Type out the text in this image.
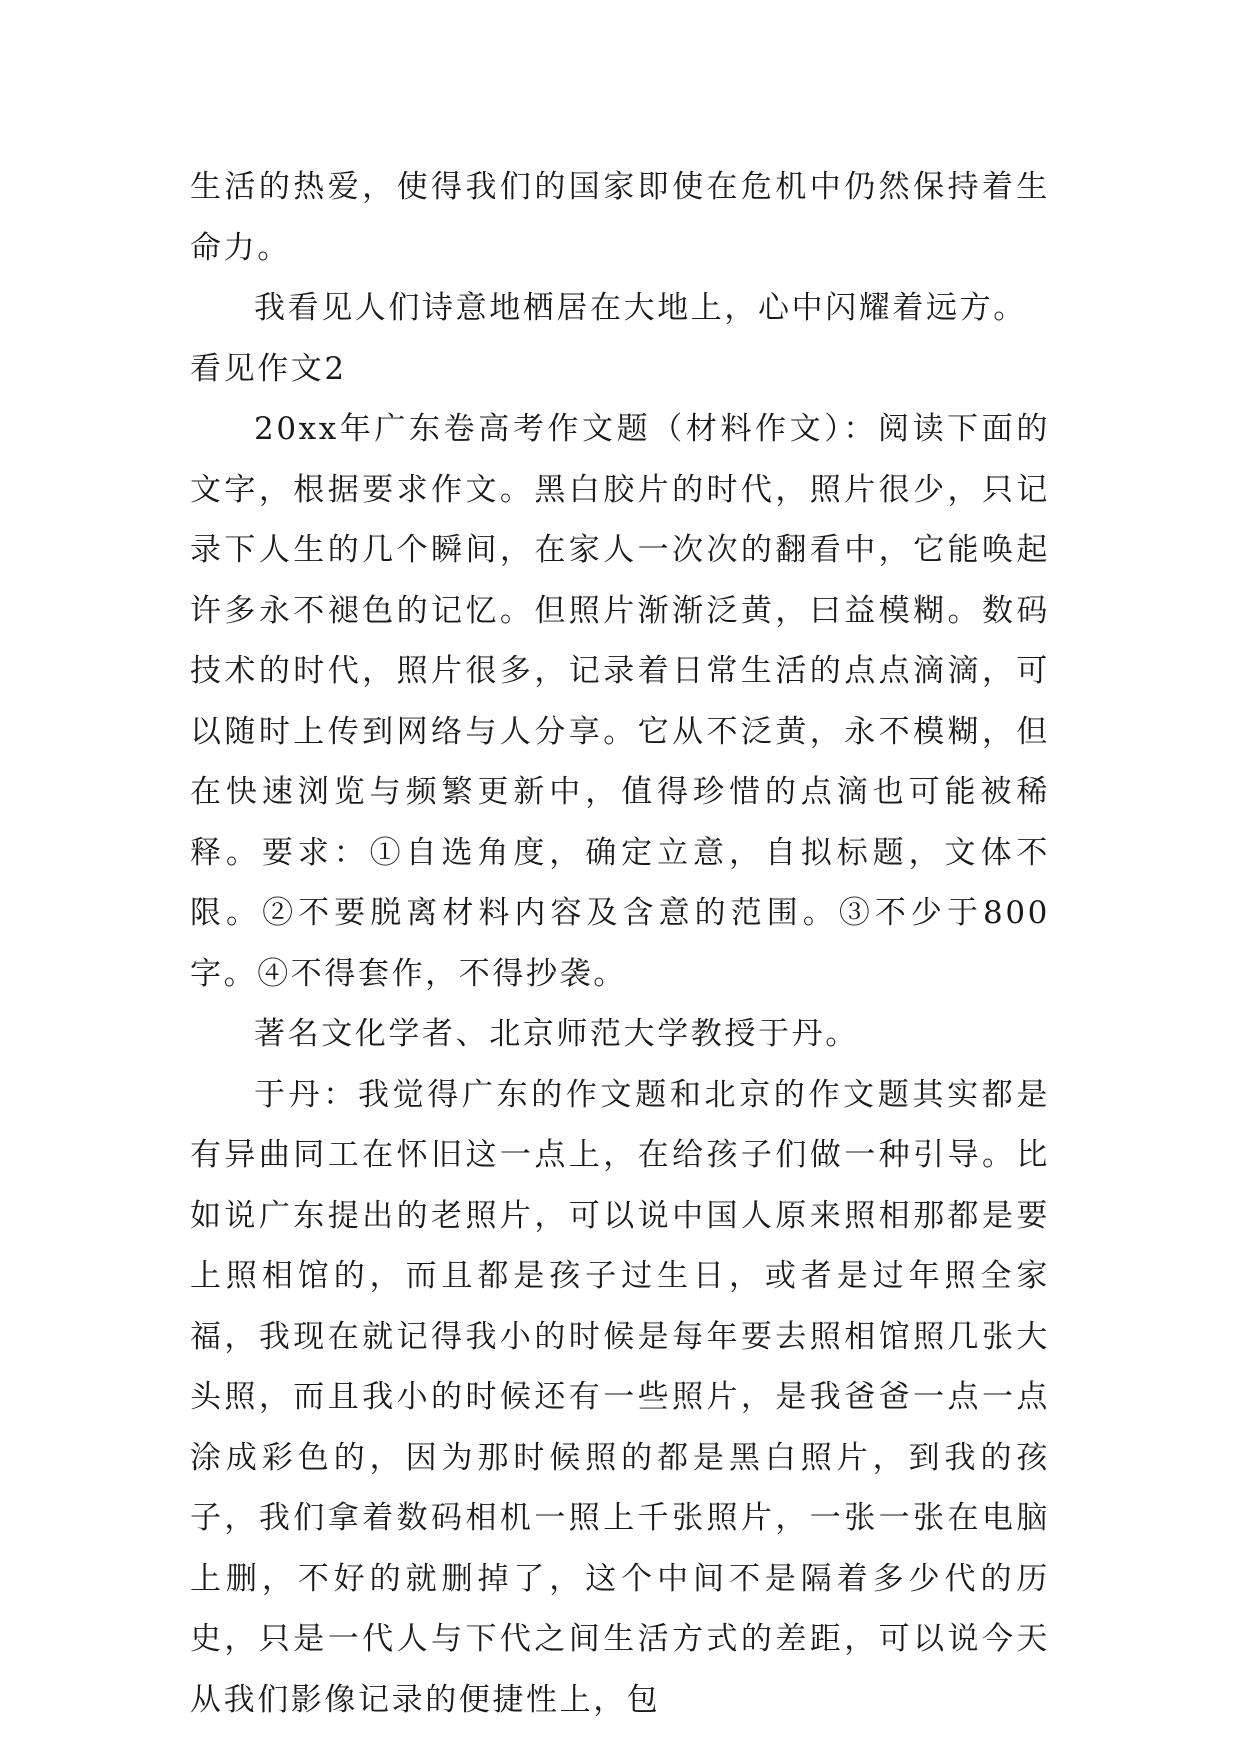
生活的热爱，使得我们的国家即使在危机中仍然保持着生命力。

我看见人们诗意地栖居在大地上，心中闪耀着远方。

看见作文2

20xx年广东卷高考作文题（材料作文）：阅读下面的文字，根据要求作文。黑白胶片的时代，照片很少，只记录下人生的几个瞬间，在家人一次次的翻看中，它能唤起许多永不褪色的记忆。但照片渐渐泛黄，曰益模糊。数码技术的时代，照片很多，记录着日常生活的点点滴滴，可以随时上传到网络与人分享。它从不泛黄，永不模糊，但在快速浏览与频繁更新中，值得珍惜的点滴也可能被稀释。要求：①自选角度，确定立意，自拟标题，文体不限。②不要脱离材料内容及含意的范围。③不少于800字。④不得套作，不得抄袭。

著名文化学者、北京师范大学教授于丹。

于丹：我觉得广东的作文题和北京的作文题其实都是有异曲同工在怀旧这一点上，在给孩子们做一种引导。比如说广东提出的老照片，可以说中国人原来照相那都是要上照相馆的，而且都是孩子过生日，或者是过年照全家福，我现在就记得我小的时候是每年要去照相馆照几张大头照，而且我小的时候还有一些照片，是我爸爸一点一点涂成彩色的，因为那时候照的都是黑白照片，到我的孩子，我们拿着数码相机一照上千张照片，一张一张在电脑上删，不好的就删掉了，这个中间不是隔着多少代的历史，只是一代人与下代之间生活方式的差距，可以说今天从我们影像记录的便捷性上，包
